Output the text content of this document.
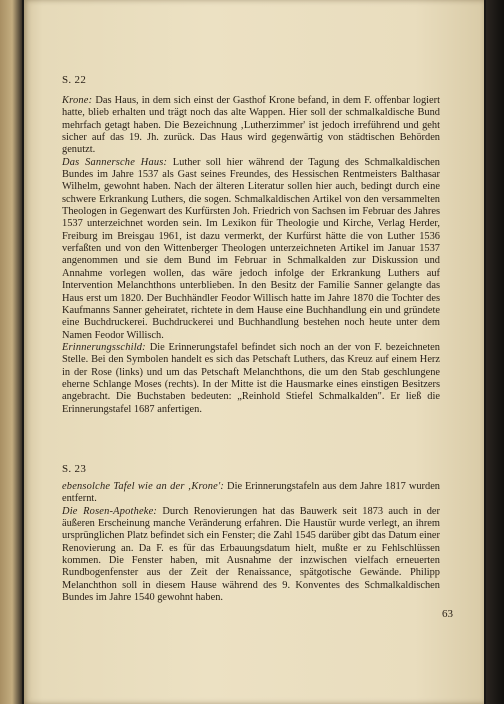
S. 22
Krone: Das Haus, in dem sich einst der Gasthof Krone befand, in dem F. offenbar logiert hatte, blieb erhalten und trägt noch das alte Wappen. Hier soll der schmalkaldische Bund mehrfach getagt haben. Die Bezeichnung ‚Lutherzimmer' ist jedoch irreführend und geht sicher auf das 19. Jh. zurück. Das Haus wird gegenwärtig von städtischen Behörden genutzt.
Das Sannersche Haus: Luther soll hier während der Tagung des Schmalkaldischen Bundes im Jahre 1537 als Gast seines Freundes, des Hessischen Rentmeisters Balthasar Wilhelm, gewohnt haben. Nach der älteren Literatur sollen hier auch, bedingt durch eine schwere Erkrankung Luthers, die sogen. Schmalkaldischen Artikel von den versammelten Theologen in Gegenwart des Kurfürsten Joh. Friedrich von Sachsen im Februar des Jahres 1537 unterzeichnet worden sein. Im Lexikon für Theologie und Kirche, Verlag Herder, Freiburg im Breisgau 1961, ist dazu vermerkt, der Kurfürst hätte die von Luther 1536 verfaßten und von den Wittenberger Theologen unterzeichneten Artikel im Januar 1537 angenommen und sie dem Bund im Februar in Schmalkalden zur Diskussion und Annahme vorlegen wollen, das wäre jedoch infolge der Erkrankung Luthers auf Intervention Melanchthons unterblieben. In den Besitz der Familie Sanner gelangte das Haus erst um 1820. Der Buchhändler Feodor Willisch hatte im Jahre 1870 die Tochter des Kaufmanns Sanner geheiratet, richtete in dem Hause eine Buchhandlung ein und gründete eine Buchdruckerei. Buchdruckerei und Buchhandlung bestehen noch heute unter dem Namen Feodor Willisch.
Erinnerungsschild: Die Erinnerungstafel befindet sich noch an der von F. bezeichneten Stelle. Bei den Symbolen handelt es sich das Petschaft Luthers, das Kreuz auf einem Herz in der Rose (links) und um das Petschaft Melanchthons, die um den Stab geschlungene eherne Schlange Moses (rechts). In der Mitte ist die Hausmarke eines einstigen Besitzers angebracht. Die Buchstaben bedeuten: „Reinhold Stiefel Schmalkalden". Er ließ die Erinnerungstafel 1687 anfertigen.
S. 23
ebensolche Tafel wie an der ‚Krone': Die Erinnerungstafeln aus dem Jahre 1817 wurden entfernt.
Die Rosen-Apotheke: Durch Renovierungen hat das Bauwerk seit 1873 auch in der äußeren Erscheinung manche Veränderung erfahren. Die Haustür wurde verlegt, an ihrem ursprünglichen Platz befindet sich ein Fenster; die Zahl 1545 darüber gibt das Datum einer Renovierung an. Da F. es für das Erbauungsdatum hielt, mußte er zu Fehlschlüssen kommen. Die Fenster haben, mit Ausnahme der inzwischen vielfach erneuerten Rundbogenfenster aus der Zeit der Renaissance, spätgotische Gewände. Philipp Melanchthon soll in diesem Hause während des 9. Konventes des Schmalkaldischen Bundes im Jahre 1540 gewohnt haben.
63
